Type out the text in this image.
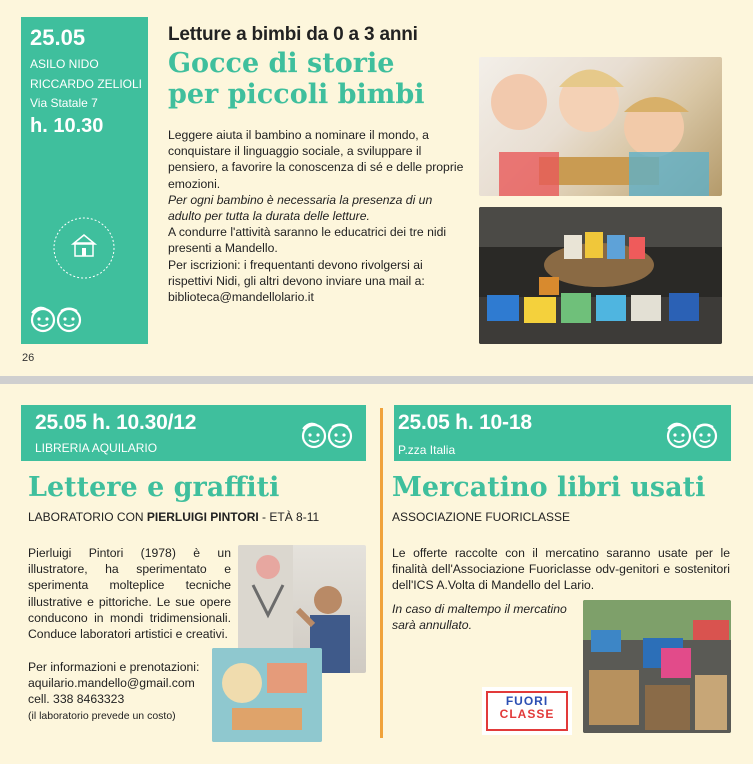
25.05
ASILO NIDO
RICCARDO ZELIOLI
Via Statale 7
h. 10.30
26
Letture a bimbi da 0 a 3 anni
Gocce di storie
per piccoli bimbi

Leggere aiuta il bambino a nominare il mondo, a conquistare il linguaggio sociale, a sviluppare il pensiero, a favorire la conoscenza di sé e delle proprie emozioni.

Per ogni bambino è necessaria la presenza di un adulto per tutta la durata delle letture.

A condurre l'attività saranno le educatrici dei tre nidi presenti a Mandello.

Per iscrizioni: i frequentanti devono rivolgersi ai rispettivi Nidi, gli altri devono inviare una mail a:

biblioteca@mandellolario.it

25.05 h. 10.30/12
LIBRERIA AQUILARIO
Lettere e graffiti
LABORATORIO CON PIERLUIGI PINTORI - ETÀ 8-11

Pierluigi Pintori (1978) è un illustratore, ha sperimentato e sperimenta molteplice tecniche illustrative e pittoriche. Le sue opere conducono in mondi tridimensionali. Conduce laboratori artistici e creativi.

Per informazioni e prenotazioni:

aquilario.mandello@gmail.com

cell. 338 8463323

(il laboratorio prevede un costo)

25.05 h. 10-18
P.zza Italia
Mercatino libri usati
ASSOCIAZIONE FUORICLASSE

Le offerte raccolte con il mercatino saranno usate per le finalità dell'Associazione Fuoriclasse odv-genitori e sostenitori dell'ICS A.Volta di Mandello del Lario.

In caso di maltempo il mercatino sarà annullato.
FUORI
CLASSE
